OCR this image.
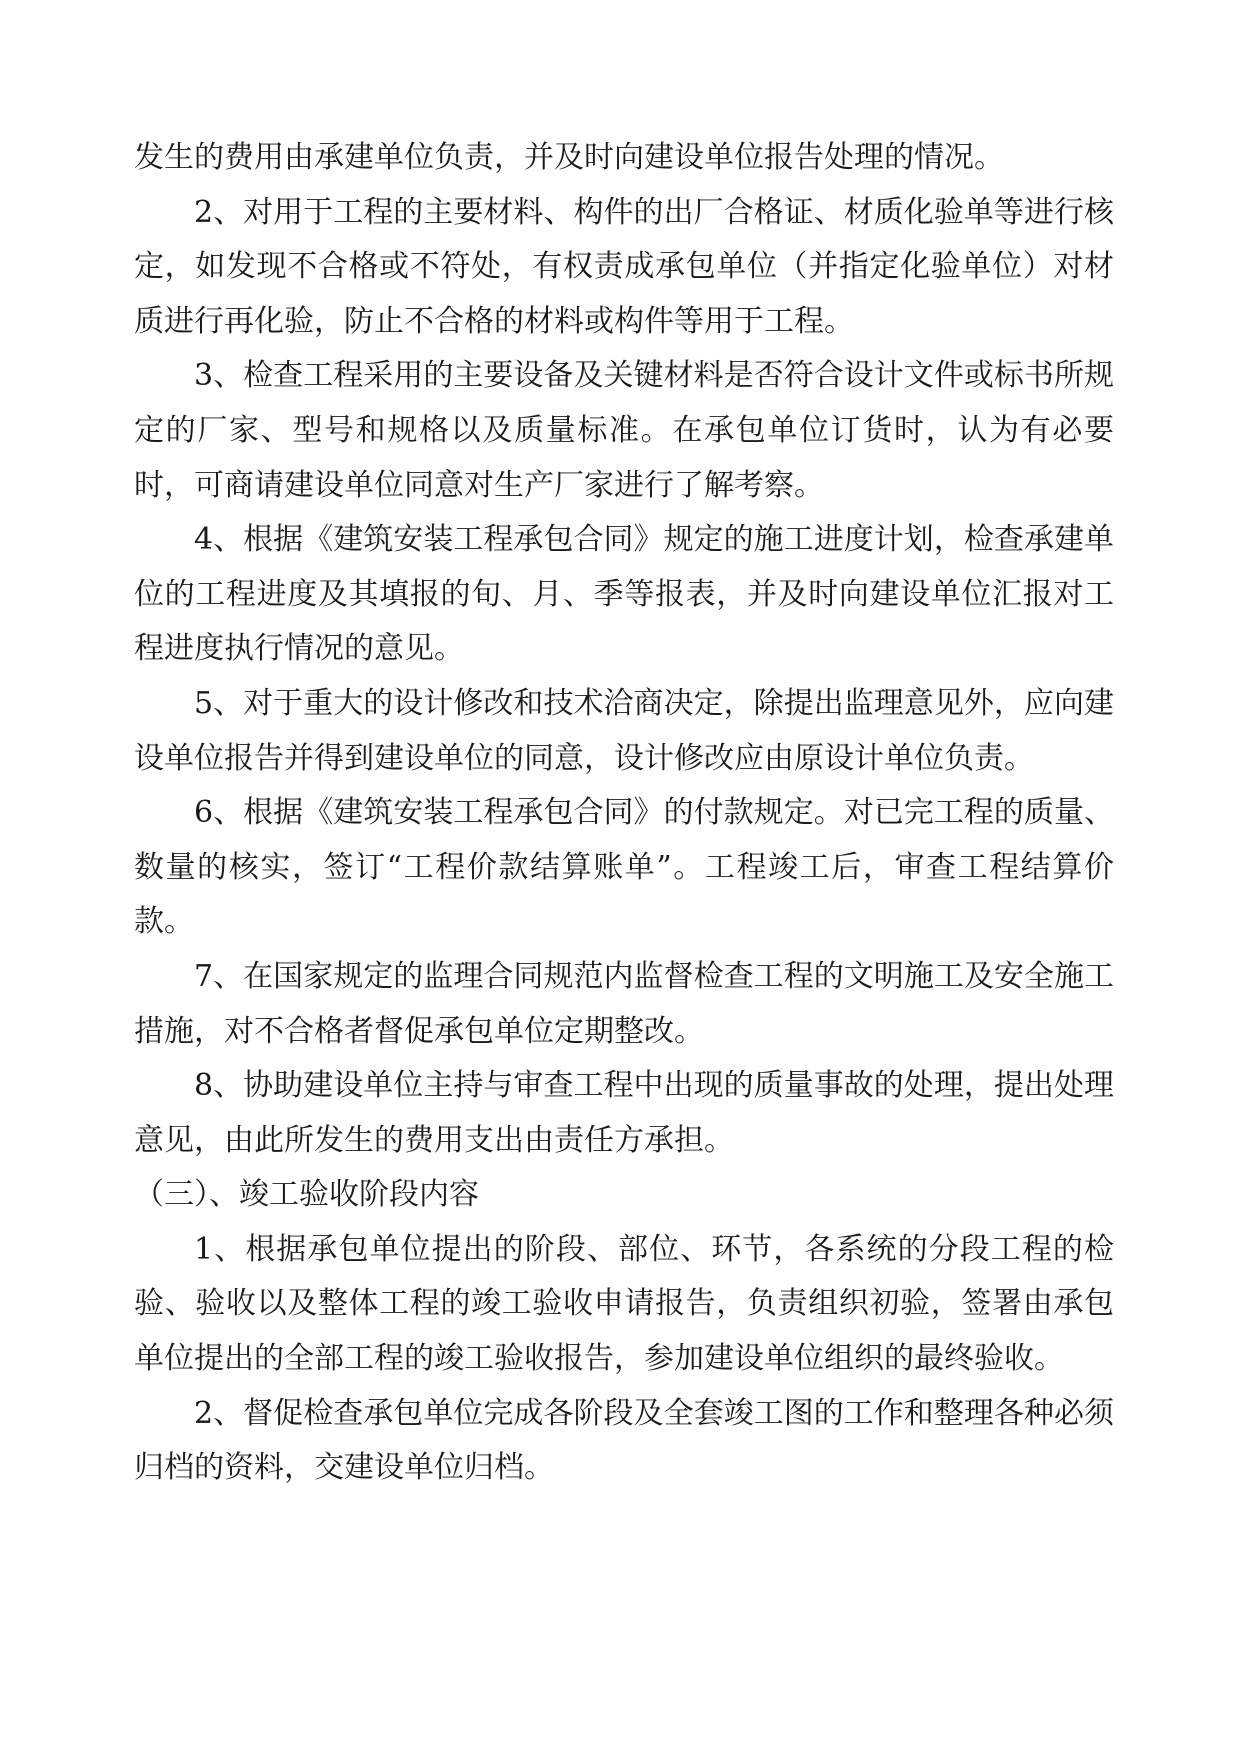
发生的费用由承建单位负责，并及时向建设单位报告处理的情况。

2、对用于工程的主要材料、构件的出厂合格证、材质化验单等进行核定，如发现不合格或不符处，有权责成承包单位（并指定化验单位）对材质进行再化验，防止不合格的材料或构件等用于工程。

3、检查工程采用的主要设备及关键材料是否符合设计文件或标书所规定的厂家、型号和规格以及质量标准。在承包单位订货时，认为有必要时，可商请建设单位同意对生产厂家进行了解考察。

4、根据《建筑安装工程承包合同》规定的施工进度计划，检查承建单位的工程进度及其填报的旬、月、季等报表，并及时向建设单位汇报对工程进度执行情况的意见。

5、对于重大的设计修改和技术洽商决定，除提出监理意见外，应向建设单位报告并得到建设单位的同意，设计修改应由原设计单位负责。

6、根据《建筑安装工程承包合同》的付款规定。对已完工程的质量、数量的核实，签订“工程价款结算账单”。工程竣工后，审查工程结算价款。

7、在国家规定的监理合同规范内监督检查工程的文明施工及安全施工措施，对不合格者督促承包单位定期整改。

8、协助建设单位主持与审查工程中出现的质量事故的处理，提出处理意见，由此所发生的费用支出由责任方承担。

（三）、竣工验收阶段内容

1、根据承包单位提出的阶段、部位、环节，各系统的分段工程的检验、验收以及整体工程的竣工验收申请报告，负责组织初验，签署由承包单位提出的全部工程的竣工验收报告，参加建设单位组织的最终验收。

2、督促检查承包单位完成各阶段及全套竣工图的工作和整理各种必须归档的资料，交建设单位归档。
